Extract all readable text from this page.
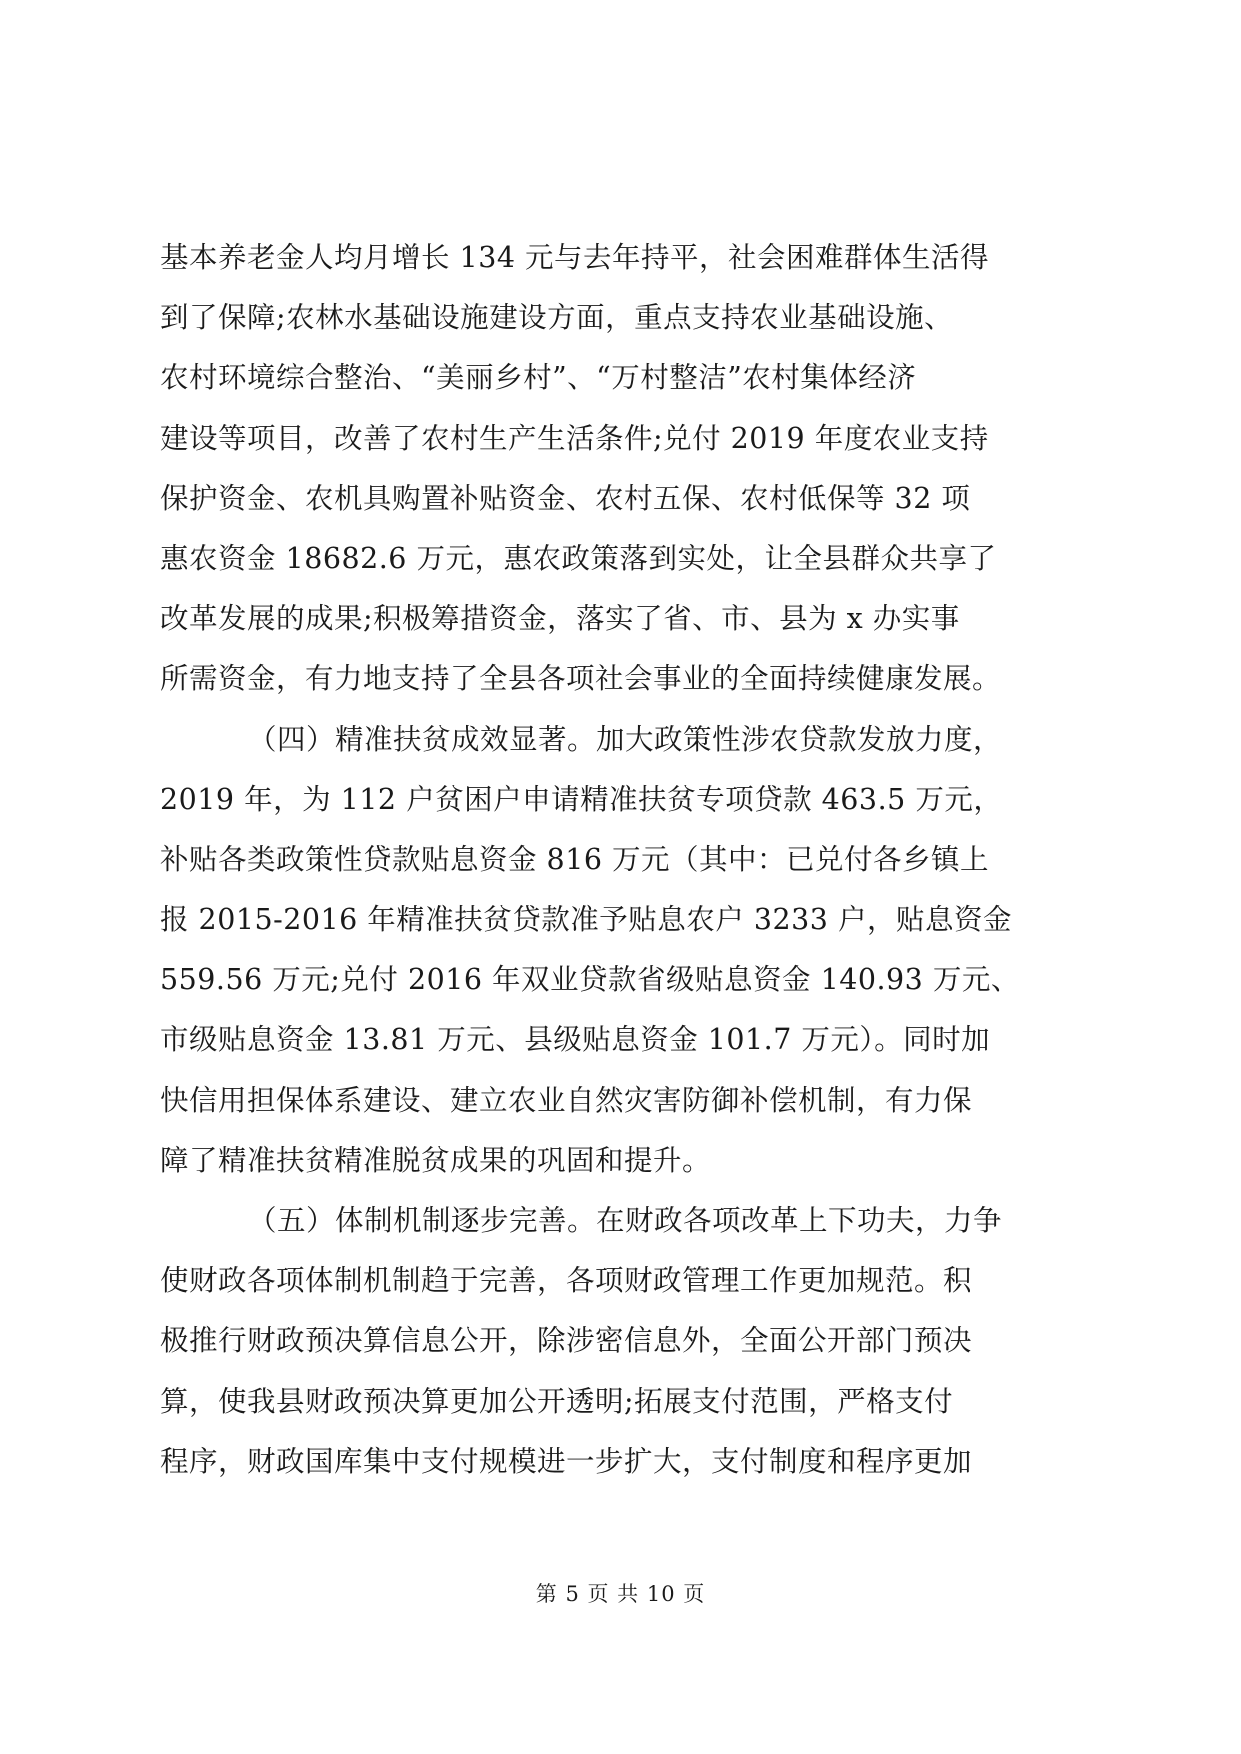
基本养老金人均月增长 134 元与去年持平，社会困难群体生活得
到了保障;农林水基础设施建设方面，重点支持农业基础设施、
农村环境综合整治、“美丽乡村”、“万村整洁”农村集体经济
建设等项目，改善了农村生产生活条件;兑付 2019 年度农业支持
保护资金、农机具购置补贴资金、农村五保、农村低保等 32 项
惠农资金 18682.6 万元，惠农政策落到实处，让全县群众共享了
改革发展的成果;积极筹措资金，落实了省、市、县为 x 办实事
所需资金，有力地支持了全县各项社会事业的全面持续健康发展。
（四）精准扶贫成效显著。加大政策性涉农贷款发放力度，
2019 年，为 112 户贫困户申请精准扶贫专项贷款 463.5 万元，
补贴各类政策性贷款贴息资金 816 万元（其中：已兑付各乡镇上
报 2015-2016 年精准扶贫贷款准予贴息农户 3233 户，贴息资金
559.56 万元;兑付 2016 年双业贷款省级贴息资金 140.93 万元、
市级贴息资金 13.81 万元、县级贴息资金 101.7 万元）。同时加
快信用担保体系建设、建立农业自然灾害防御补偿机制，有力保
障了精准扶贫精准脱贫成果的巩固和提升。
（五）体制机制逐步完善。在财政各项改革上下功夫，力争
使财政各项体制机制趋于完善，各项财政管理工作更加规范。积
极推行财政预决算信息公开，除涉密信息外，全面公开部门预决
算，使我县财政预决算更加公开透明;拓展支付范围，严格支付
程序，财政国库集中支付规模进一步扩大，支付制度和程序更加
第 5 页 共 10 页
